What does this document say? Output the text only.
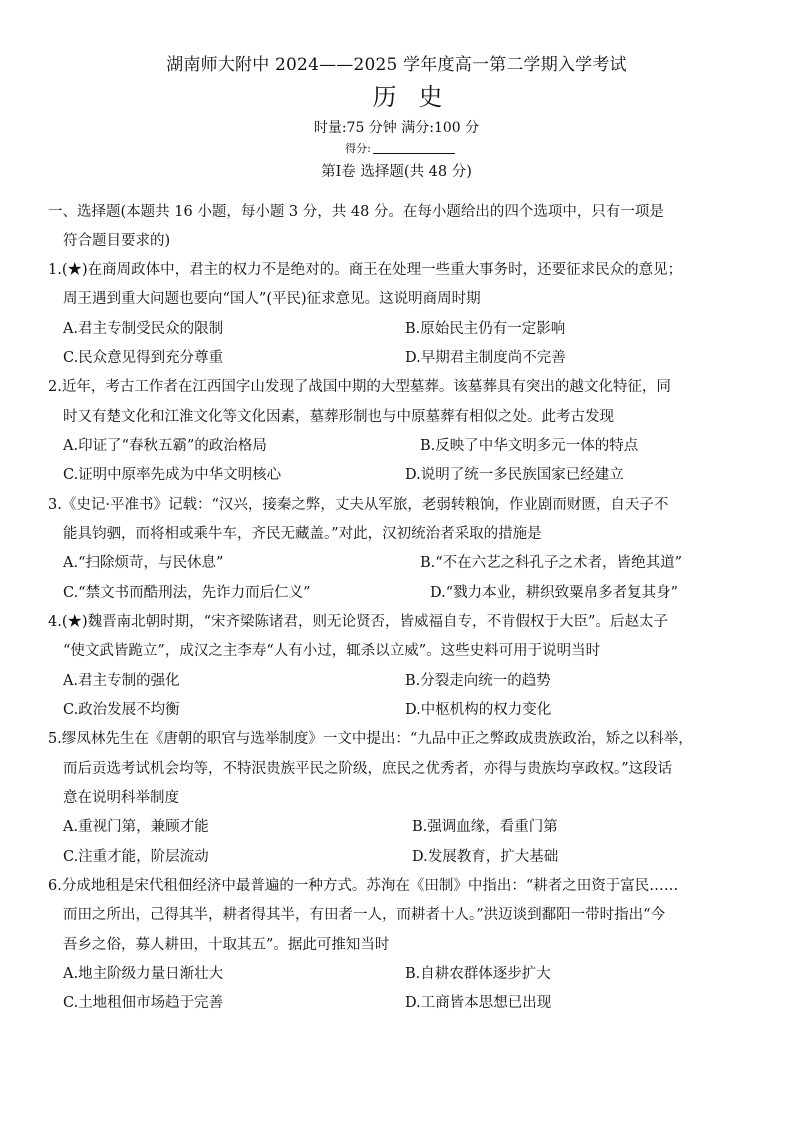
湖南师大附中 2024——2025 学年度高一第二学期入学考试
历史
时量:75 分钟 满分:100 分
得分:
第Ⅰ卷 选择题(共 48 分)
一、选择题(本题共 16 小题，每小题 3 分，共 48 分。在每小题给出的四个选项中，只有一项是
符合题目要求的)
1.(★)在商周政体中，君主的权力不是绝对的。商王在处理一些重大事务时，还要征求民众的意见；
周王遇到重大问题也要向“国人”(平民)征求意见。这说明商周时期
A.君主专制受民众的限制	B.原始民主仍有一定影响
C.民众意见得到充分尊重	D.早期君主制度尚不完善
2.近年，考古工作者在江西国字山发现了战国中期的大型墓葬。该墓葬具有突出的越文化特征，同
时又有楚文化和江淮文化等文化因素，墓葬形制也与中原墓葬有相似之处。此考古发现
A.印证了“春秋五霸”的政治格局	B.反映了中华文明多元一体的特点
C.证明中原率先成为中华文明核心	D.说明了统一多民族国家已经建立
3.《史记·平准书》记载：“汉兴，接秦之弊，丈夫从军旅，老弱转粮饷，作业剧而财匮，自天子不
能具钧驷，而将相或乘牛车，齐民无藏盖。”对此，汉初统治者采取的措施是
A.“扫除烦苛，与民休息”	B.“不在六艺之科孔子之术者，皆绝其道”
C.“禁文书而酷刑法，先诈力而后仁义”	D.“戮力本业，耕织致粟帛多者复其身”
4.(★)魏晋南北朝时期，“宋齐梁陈诸君，则无论贤否，皆威福自专，不肯假权于大臣”。后赵太子
“使文武皆跪立”，成汉之主李寿“人有小过，辄杀以立威”。这些史料可用于说明当时
A.君主专制的强化	B.分裂走向统一的趋势
C.政治发展不均衡	D.中枢机构的权力变化
5.缪凤林先生在《唐朝的职官与选举制度》一文中提出：“九品中正之弊政成贵族政治，矫之以科举，
而后贡选考试机会均等，不特泯贵族平民之阶级，庶民之优秀者，亦得与贵族均享政权。”这段话
意在说明科举制度
A.重视门第，兼顾才能	B.强调血缘，看重门第
C.注重才能，阶层流动	D.发展教育，扩大基础
6.分成地租是宋代租佃经济中最普遍的一种方式。苏洵在《田制》中指出：“耕者之田资于富民……
而田之所出，己得其半，耕者得其半，有田者一人，而耕者十人。”洪迈谈到鄱阳一带时指出“今
吾乡之俗，募人耕田，十取其五”。据此可推知当时
A.地主阶级力量日渐壮大	B.自耕农群体逐步扩大
C.土地租佃市场趋于完善	D.工商皆本思想已出现
